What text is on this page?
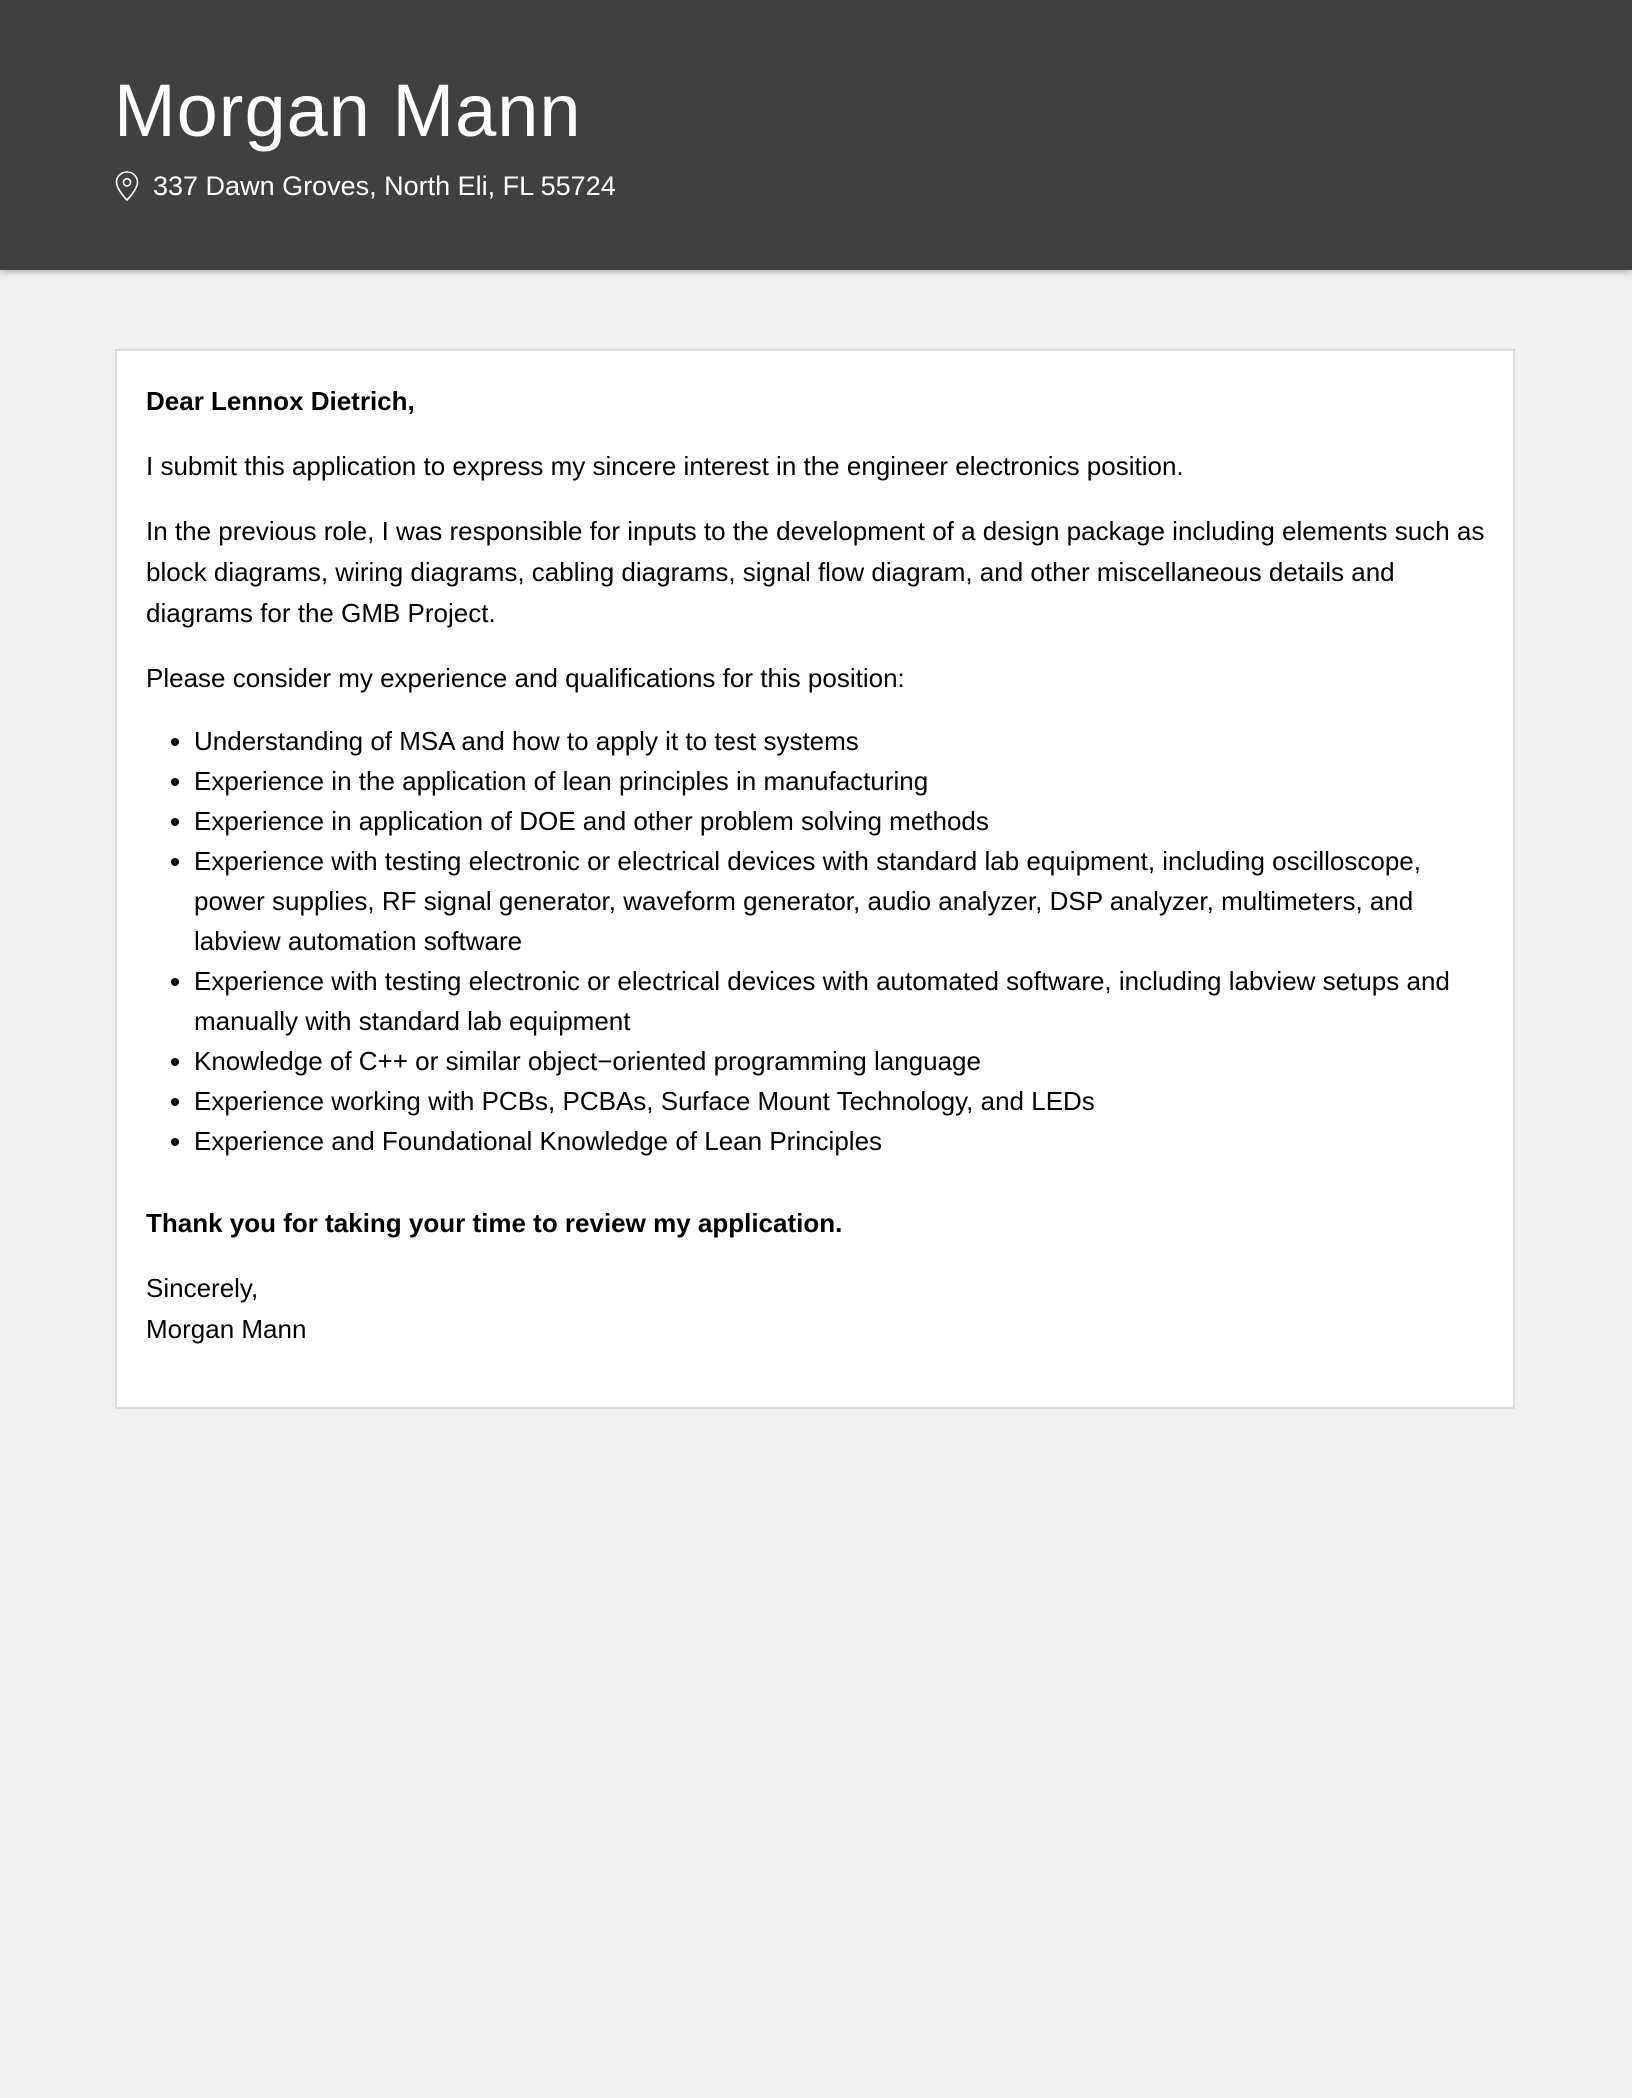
Morgan Mann
337 Dawn Groves, North Eli, FL 55724

Dear Lennox Dietrich,

I submit this application to express my sincere interest in the engineer electronics position.

In the previous role, I was responsible for inputs to the development of a design package including elements such as block diagrams, wiring diagrams, cabling diagrams, signal flow diagram, and other miscellaneous details and diagrams for the GMB Project.

Please consider my experience and qualifications for this position:

• Understanding of MSA and how to apply it to test systems
• Experience in the application of lean principles in manufacturing
• Experience in application of DOE and other problem solving methods
• Experience with testing electronic or electrical devices with standard lab equipment, including oscilloscope, power supplies, RF signal generator, waveform generator, audio analyzer, DSP analyzer, multimeters, and labview automation software
• Experience with testing electronic or electrical devices with automated software, including labview setups and manually with standard lab equipment
• Knowledge of C++ or similar object−oriented programming language
• Experience working with PCBs, PCBAs, Surface Mount Technology, and LEDs
• Experience and Foundational Knowledge of Lean Principles

Thank you for taking your time to review my application.

Sincerely,
Morgan Mann
